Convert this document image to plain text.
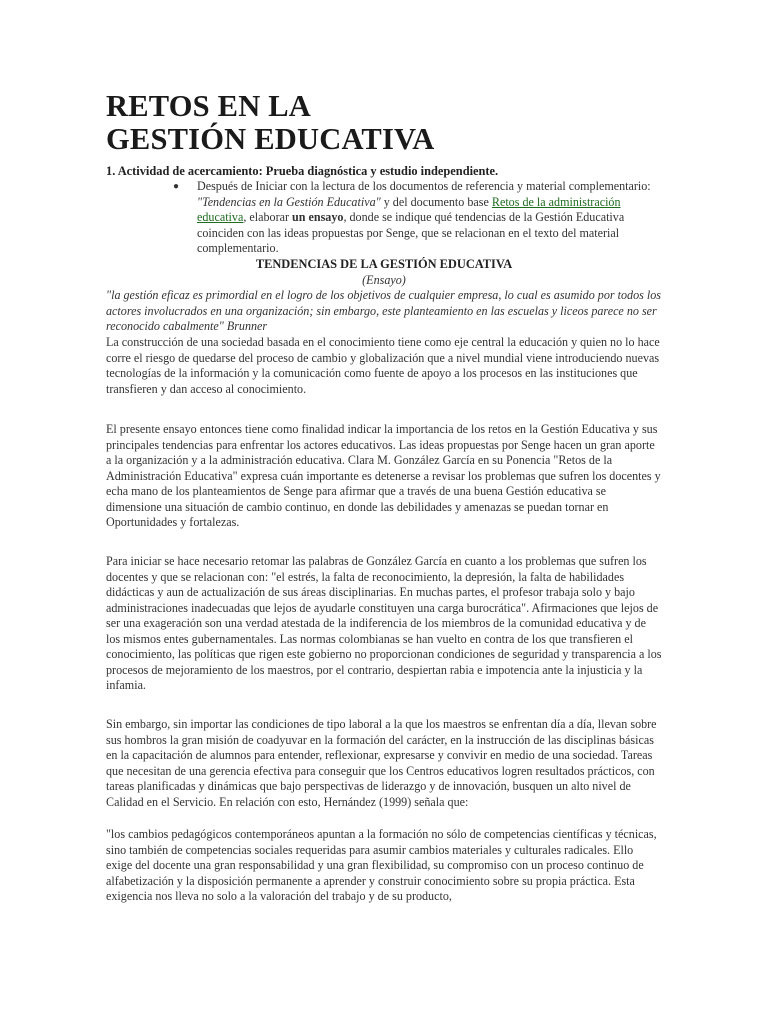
RETOS EN LA
GESTIÓN EDUCATIVA
1. Actividad de acercamiento: Prueba diagnóstica y estudio independiente.
● Después de Iniciar con la lectura de los documentos de referencia y material complementario: "Tendencias en la Gestión Educativa" y del documento base Retos de la administración educativa, elaborar un ensayo, donde se indique qué tendencias de la Gestión Educativa coinciden con las ideas propuestas por Senge, que se relacionan en el texto del material complementario.
TENDENCIAS DE LA GESTIÓN EDUCATIVA
(Ensayo)
"la gestión eficaz es primordial en el logro de los objetivos de cualquier empresa, lo cual es asumido por todos los actores involucrados en una organización; sin embargo, este planteamiento en las escuelas y liceos parece no ser reconocido cabalmente" Brunner

La construcción de una sociedad basada en el conocimiento tiene como eje central la educación y quien no lo hace corre el riesgo de quedarse del proceso de cambio y globalización que a nivel mundial viene introduciendo nuevas tecnologías de la información y la comunicación como fuente de apoyo a los procesos en las instituciones que transfieren y dan acceso al conocimiento.

El presente ensayo entonces tiene como finalidad indicar la importancia de los retos en la Gestión Educativa y sus principales tendencias para enfrentar los actores educativos. Las ideas propuestas por Senge hacen un gran aporte a la organización y a la administración educativa. Clara M. González García en su Ponencia "Retos de la Administración Educativa" expresa cuán importante es detenerse a revisar los problemas que sufren los docentes y echa mano de los planteamientos de Senge para afirmar que a través de una buena Gestión educativa se dimensione una situación de cambio continuo, en donde las debilidades y amenazas se puedan tornar en Oportunidades y fortalezas.

Para iniciar se hace necesario retomar las palabras de González García en cuanto a los problemas que sufren los docentes y que se relacionan con: "el estrés, la falta de reconocimiento, la depresión, la falta de habilidades didácticas y aun de actualización de sus áreas disciplinarias. En muchas partes, el profesor trabaja solo y bajo administraciones inadecuadas que lejos de ayudarle constituyen una carga burocrática". Afirmaciones que lejos de ser una exageración son una verdad atestada de la indiferencia de los miembros de la comunidad educativa y de los mismos entes gubernamentales. Las normas colombianas se han vuelto en contra de los que transfieren el conocimiento, las políticas que rigen este gobierno no proporcionan condiciones de seguridad y transparencia a los procesos de mejoramiento de los maestros, por el contrario, despiertan rabia e impotencia ante la injusticia y la infamia.

Sin embargo, sin importar las condiciones de tipo laboral a la que los maestros se enfrentan día a día, llevan sobre sus hombros la gran misión de coadyuvar en la formación del carácter, en la instrucción de las disciplinas básicas en la capacitación de alumnos para entender, reflexionar, expresarse y convivir en medio de una sociedad. Tareas que necesitan de una gerencia efectiva para conseguir que los Centros educativos logren resultados prácticos, con tareas planificadas y dinámicas que bajo perspectivas de liderazgo y de innovación, busquen un alto nivel de Calidad en el Servicio. En relación con esto, Hernández (1999) señala que:

"los cambios pedagógicos contemporáneos apuntan a la formación no sólo de competencias científicas y técnicas, sino también de competencias sociales requeridas para asumir cambios materiales y culturales radicales. Ello exige del docente una gran responsabilidad y una gran flexibilidad, su compromiso con un proceso continuo de alfabetización y la disposición permanente a aprender y construir conocimiento sobre su propia práctica. Esta exigencia nos lleva no solo a la valoración del trabajo y de su producto,
